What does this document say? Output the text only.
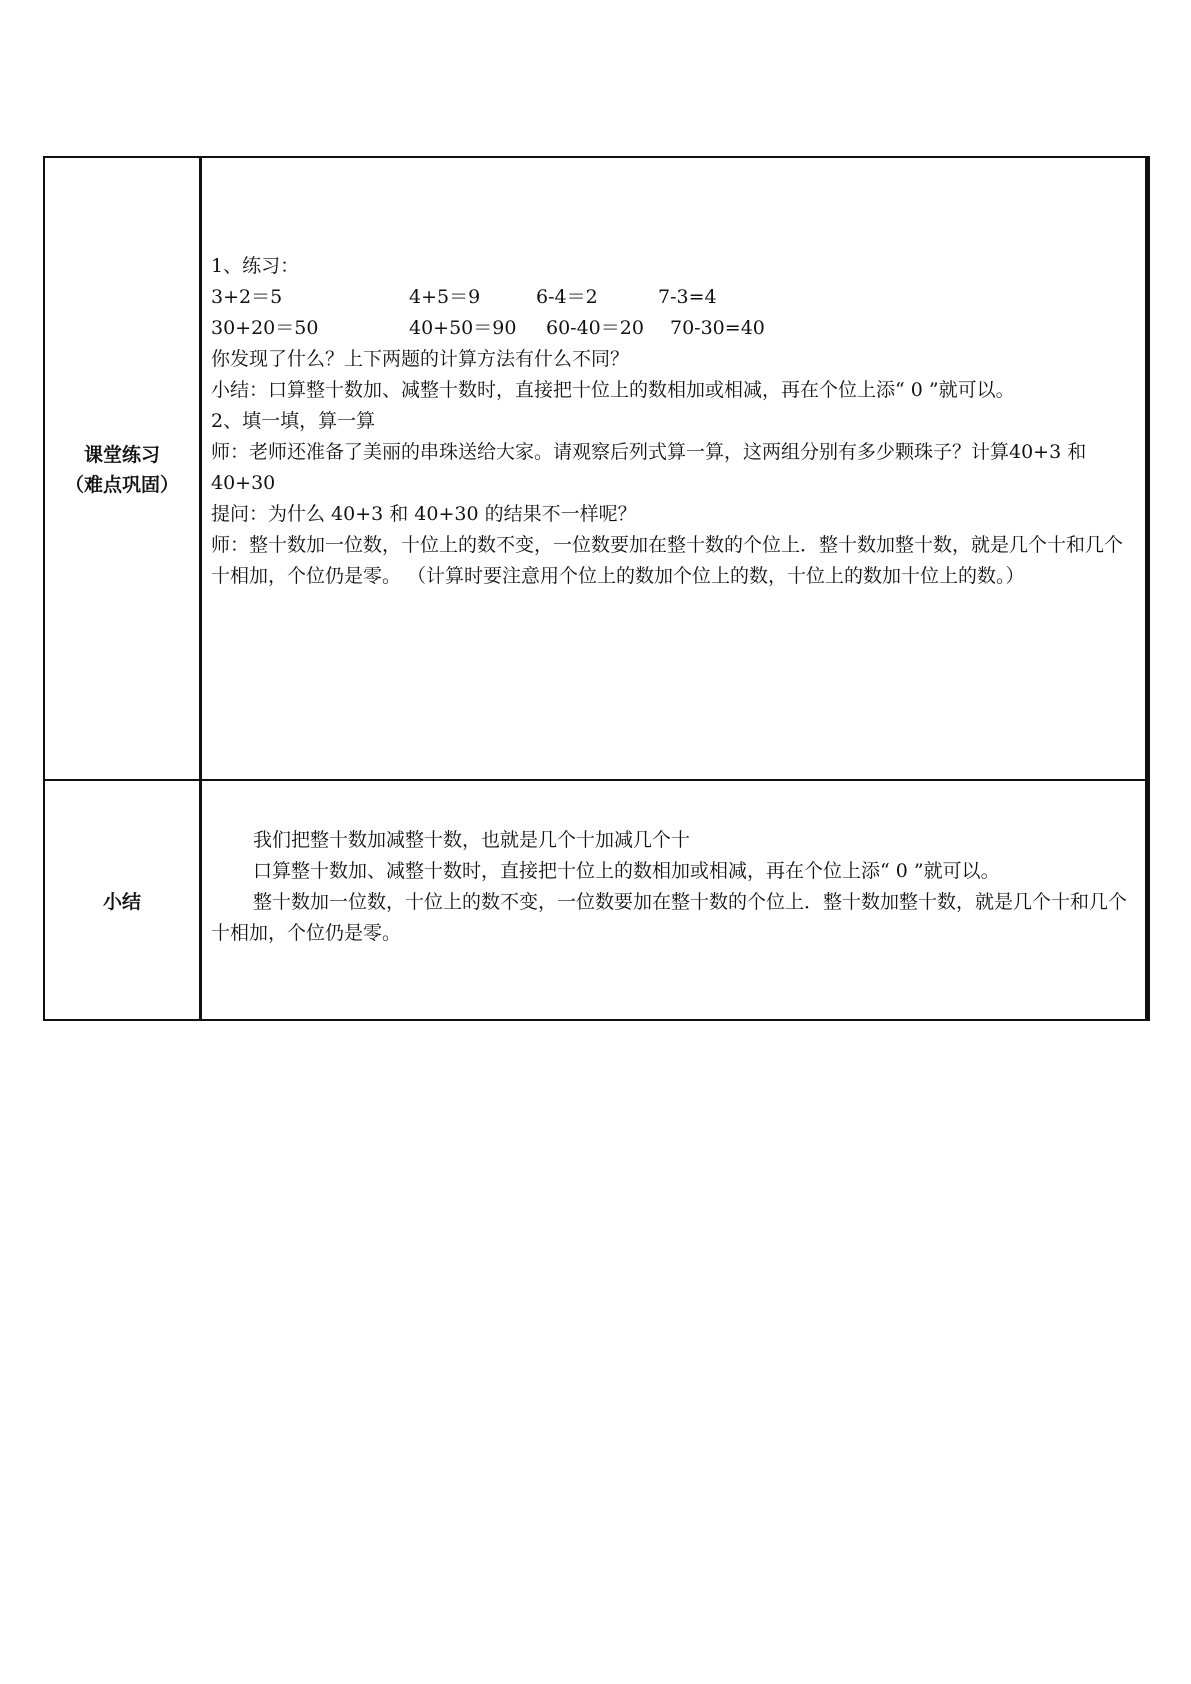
课堂练习
（难点巩固）
1、练习：
3+2＝5	4+5＝9	6-4＝2	7-3=4
30+20＝50	40+50＝90 60-40＝20 70-30=40
你发现了什么？上下两题的计算方法有什么不同？
小结：口算整十数加、减整十数时，直接把十位上的数相加或相减，再在个位上添“ 0 ”就可以。
2、填一填，算一算
师：老师还准备了美丽的串珠送给大家。请观察后列式算一算，这两组分别有多少颗珠子？计算40+3 和 40+30
提问：为什么 40+3 和 40+30 的结果不一样呢？
师：整十数加一位数，十位上的数不变，一位数要加在整十数的个位上．整十数加整十数，就是几个十和几个十相加，个位仍是零。 （计算时要注意用个位上的数加个位上的数，十位上的数加十位上的数。）
小结
我们把整十数加减整十数，也就是几个十加减几个十
口算整十数加、减整十数时，直接把十位上的数相加或相减，再在个位上添“ 0 ”就可以。
整十数加一位数，十位上的数不变，一位数要加在整十数的个位上．整十数加整十数，就是几个十和几个十相加，个位仍是零。
